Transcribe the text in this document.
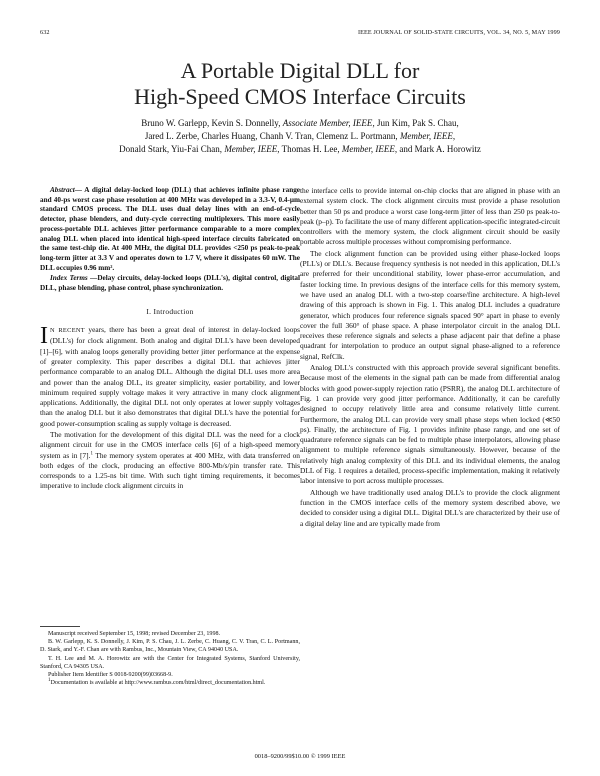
632	IEEE JOURNAL OF SOLID-STATE CIRCUITS, VOL. 34, NO. 5, MAY 1999
A Portable Digital DLL for
High-Speed CMOS Interface Circuits
Bruno W. Garlepp, Kevin S. Donnelly, Associate Member, IEEE, Jun Kim, Pak S. Chau,
Jared L. Zerbe, Charles Huang, Chanh V. Tran, Clemenz L. Portmann, Member, IEEE,
Donald Stark, Yiu-Fai Chan, Member, IEEE, Thomas H. Lee, Member, IEEE, and Mark A. Horowitz

Abstract— A digital delay-locked loop (DLL) that achieves infinite phase range and 40-ps worst case phase resolution at 400 MHz was developed in a 3.3-V, 0.4-μm standard CMOS process. The DLL uses dual delay lines with an end-of-cycle detector, phase blenders, and duty-cycle correcting multiplexers. This more easily process-portable DLL achieves jitter performance comparable to a more complex analog DLL when placed into identical high-speed interface circuits fabricated on the same test-chip die. At 400 MHz, the digital DLL provides <250 ps peak-to-peak long-term jitter at 3.3 V and operates down to 1.7 V, where it dissipates 60 mW. The DLL occupies 0.96 mm².

Index Terms —Delay circuits, delay-locked loops (DLL's), digital control, digital DLL, phase blending, phase control, phase synchronization.

I. Introduction

I N RECENT years, there has been a great deal of interest in delay-locked loops (DLL's) for clock alignment. Both analog and digital DLL's have been developed [1]–[6], with analog loops generally providing better jitter performance at the expense of greater complexity. This paper describes a digital DLL that achieves jitter performance comparable to an analog DLL. Although the digital DLL uses more area and power than the analog DLL, its greater simplicity, easier portability, and lower minimum required supply voltage makes it very attractive in many clock alignment applications. Additionally, the digital DLL not only operates at lower supply voltages than the analog DLL but it also demonstrates that digital DLL's have the potential for good power-consumption scaling as supply voltage is decreased.

The motivation for the development of this digital DLL was the need for a clock alignment circuit for use in the CMOS interface cells [6] of a high-speed memory system as in [7].$^1$ The memory system operates at 400 MHz, with data transferred on both edges of the clock, producing an effective 800-Mb/s/pin transfer rate. This corresponds to a 1.25-ns bit time. With such tight timing requirements, it becomes imperative to include clock alignment circuits in

Manuscript received September 15, 1998; revised December 23, 1998.

B. W. Garlepp, K. S. Donnelly, J. Kim, P. S. Chau, J. L. Zerbe, C. Huang, C. V. Tran, C. L. Portmann, D. Stark, and Y.-F. Chan are with Rambus, Inc., Mountain View, CA 94040 USA.

T. H. Lee and M. A. Horowitz are with the Center for Integrated Systems, Stanford University, Stanford, CA 94305 USA.

Publisher Item Identifier S 0018-9200(99)03668-9.

$^1$Documentation is available at http://www.rambus.com/html/direct_documentation.html.

the interface cells to provide internal on-chip clocks that are aligned in phase with an external system clock. The clock alignment circuits must provide a phase resolution better than 50 ps and produce a worst case long-term jitter of less than 250 ps peak-to-peak (p–p). To facilitate the use of many different application-specific integrated-circuit controllers with the memory system, the clock alignment circuit should be easily portable across multiple processes without compromising performance.

The clock alignment function can be provided using either phase-locked loops (PLL's) or DLL's. Because frequency synthesis is not needed in this application, DLL's are preferred for their unconditional stability, lower phase-error accumulation, and faster locking time. In previous designs of the interface cells for this memory system, we have used an analog DLL with a two-step coarse/fine architecture. A high-level drawing of this approach is shown in Fig. 1. This analog DLL includes a quadrature generator, which produces four reference signals spaced 90° apart in phase to evenly cover the full 360° of phase space. A phase interpolator circuit in the analog DLL receives these reference signals and selects a phase adjacent pair that define a phase quadrant for interpolation to produce an output signal phase-aligned to a reference signal, RefClk.

Analog DLL's constructed with this approach provide several significant benefits. Because most of the elements in the signal path can be made from differential analog blocks with good power-supply rejection ratio (PSRR), the analog DLL architecture of Fig. 1 can provide very good jitter performance. Additionally, it can be carefully designed to occupy relatively little area and consume relatively little current. Furthermore, the analog DLL can provide very small phase steps when locked (≪50 ps). Finally, the architecture of Fig. 1 provides infinite phase range, and one set of quadrature reference signals can be fed to multiple phase interpolators, allowing phase alignment to multiple reference signals simultaneously. However, because of the relatively high analog complexity of this DLL and its individual elements, the analog DLL of Fig. 1 requires a detailed, process-specific implementation, making it relatively labor intensive to port across multiple processes.

Although we have traditionally used analog DLL's to provide the clock alignment function in the CMOS interface cells of the memory system described above, we decided to consider using a digital DLL. Digital DLL's are characterized by their use of a digital delay line and are typically made from

0018–9200/99$10.00 © 1999 IEEE
